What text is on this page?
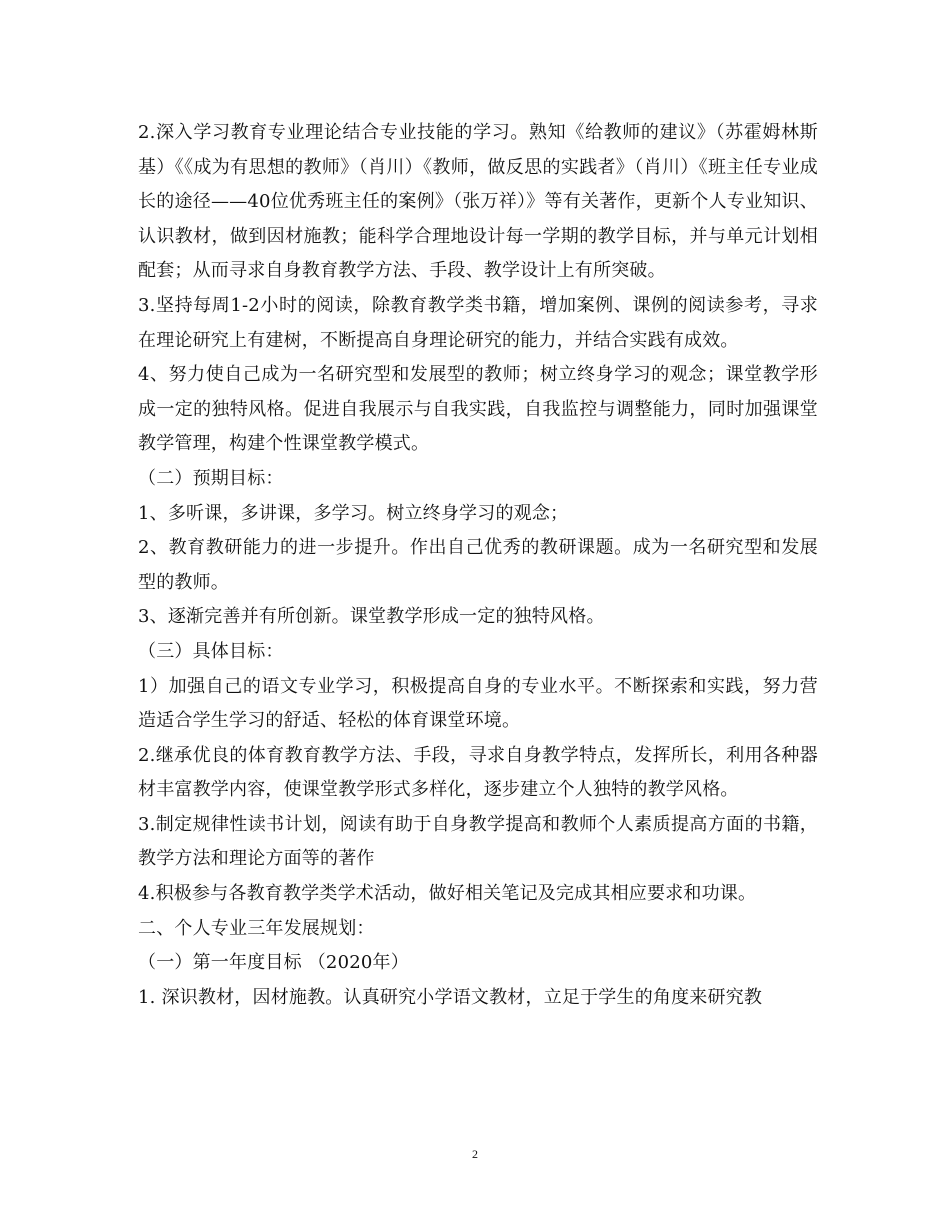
2.深入学习教育专业理论结合专业技能的学习。熟知《给教师的建议》（苏霍姆林斯基）《《成为有思想的教师》（肖川）《教师，做反思的实践者》（肖川）《班主任专业成长的途径——40位优秀班主任的案例》（张万祥）》等有关著作，更新个人专业知识、认识教材，做到因材施教；能科学合理地设计每一学期的教学目标，并与单元计划相配套；从而寻求自身教育教学方法、手段、教学设计上有所突破。

3.坚持每周1-2小时的阅读，除教育教学类书籍，增加案例、课例的阅读参考，寻求在理论研究上有建树，不断提高自身理论研究的能力，并结合实践有成效。

4、努力使自己成为一名研究型和发展型的教师；树立终身学习的观念；课堂教学形成一定的独特风格。促进自我展示与自我实践，自我监控与调整能力，同时加强课堂教学管理，构建个性课堂教学模式。

（二）预期目标：

1、多听课，多讲课，多学习。树立终身学习的观念；

2、教育教研能力的进一步提升。作出自己优秀的教研课题。成为一名研究型和发展型的教师。

3、逐渐完善并有所创新。课堂教学形成一定的独特风格。

（三）具体目标：

1）加强自己的语文专业学习，积极提高自身的专业水平。不断探索和实践，努力营造适合学生学习的舒适、轻松的体育课堂环境。

2.继承优良的体育教育教学方法、手段，寻求自身教学特点，发挥所长，利用各种器材丰富教学内容，使课堂教学形式多样化，逐步建立个人独特的教学风格。

3.制定规律性读书计划，阅读有助于自身教学提高和教师个人素质提高方面的书籍，教学方法和理论方面等的著作

4.积极参与各教育教学类学术活动，做好相关笔记及完成其相应要求和功课。

二、个人专业三年发展规划：

（一）第一年度目标 （2020年）

1. 深识教材，因材施教。认真研究小学语文教材，立足于学生的角度来研究教

2
